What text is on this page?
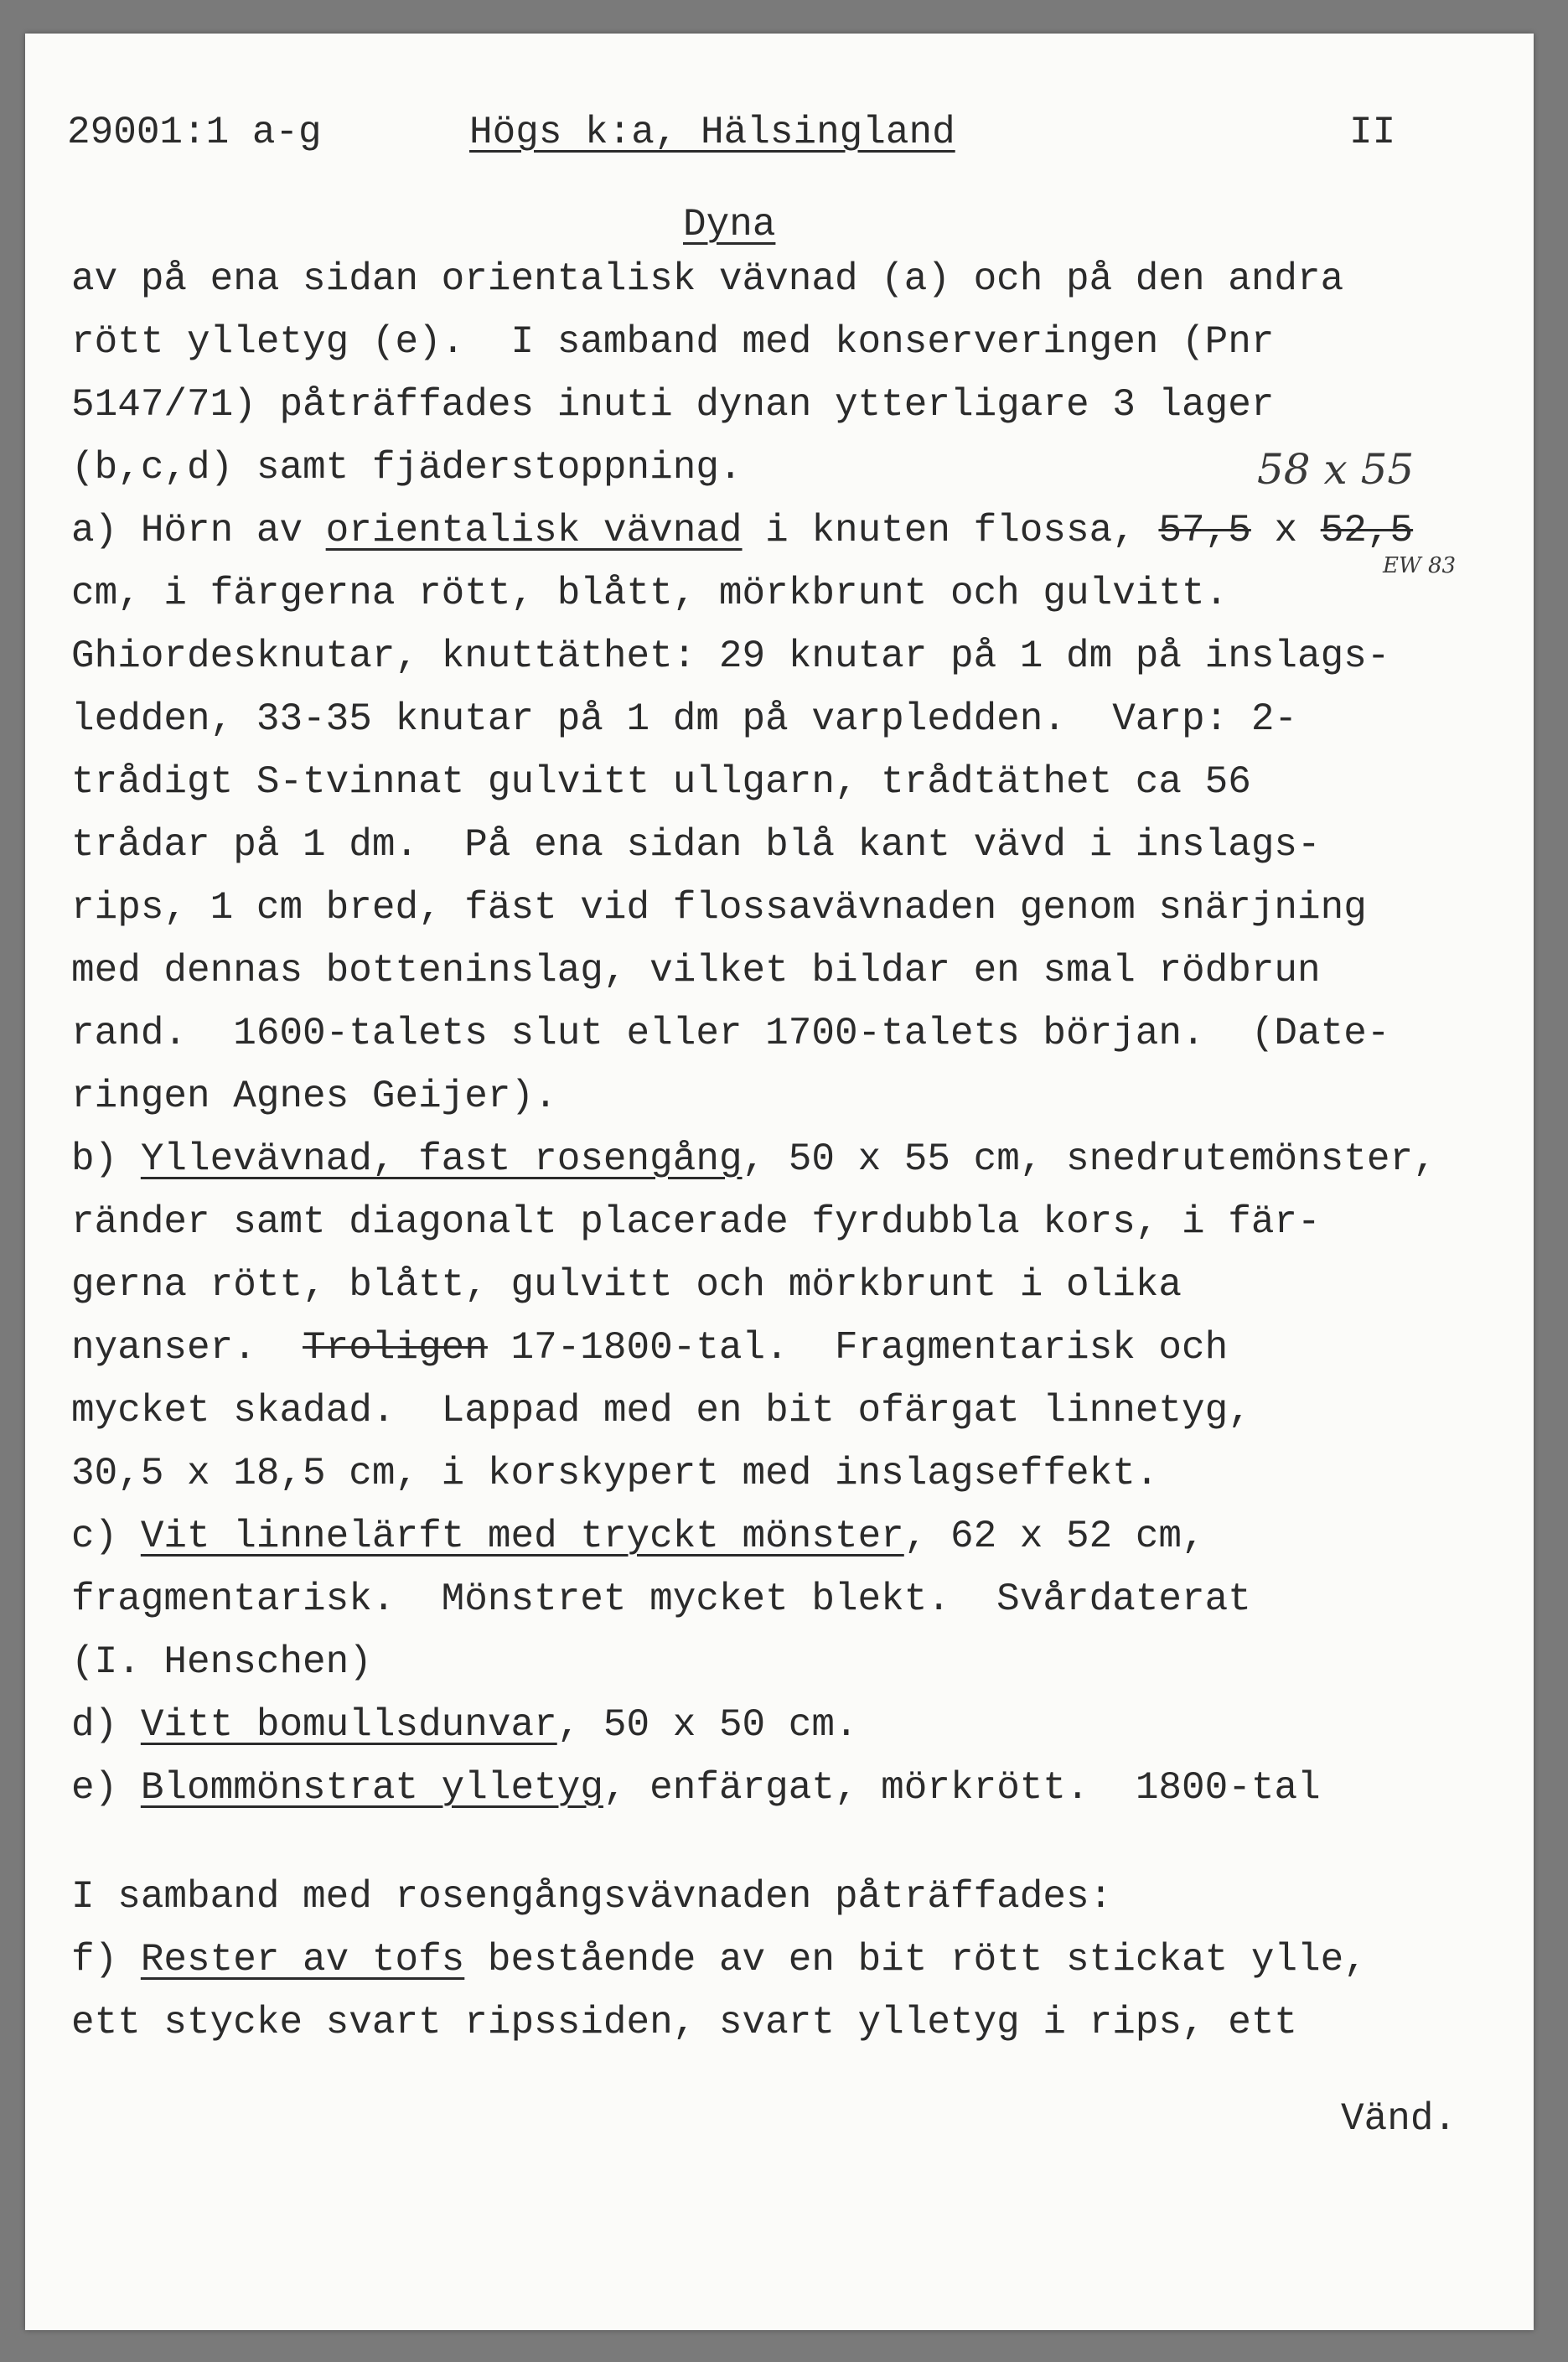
29001:1 a-g	Högs k:a, Hälsingland	II
Dyna
av på ena sidan orientalisk vävnad (a) och på den andra
rött ylletyg (e).  I samband med konserveringen (Pnr
5147/71) påträffades inuti dynan ytterligare 3 lager
(b,c,d) samt fjäderstoppning.	58 x 55
a) Hörn av orientalisk vävnad i knuten flossa, 57,5 x 52,5
EW 83
cm, i färgerna rött, blått, mörkbrunt och gulvitt.
Ghiordesknutar, knuttäthet: 29 knutar på 1 dm på inslags-
ledden, 33-35 knutar på 1 dm på varpledden.  Varp: 2-
trådigt S-tvinnat gulvitt ullgarn, trådtäthet ca 56
trådar på 1 dm.  På ena sidan blå kant vävd i inslags-
rips, 1 cm bred, fäst vid flossavävnaden genom snärjning
med dennas botteninslag, vilket bildar en smal rödbrun
rand.  1600-talets slut eller 1700-talets början.  (Date-
ringen Agnes Geijer).
b) Yllevävnad, fast rosengång, 50 x 55 cm, snedrutemönster,
ränder samt diagonalt placerade fyrdubbla kors, i fär-
gerna rött, blått, gulvitt och mörkbrunt i olika
nyanser.  Troligen 17-1800-tal.  Fragmentarisk och
mycket skadad.  Lappad med en bit ofärgat linnetyg,
30,5 x 18,5 cm, i korskypert med inslagseffekt.
c) Vit linnelärft med tryckt mönster, 62 x 52 cm,
fragmentarisk.  Mönstret mycket blekt.  Svårdaterat
(I. Henschen)
d) Vitt bomullsdunvar, 50 x 50 cm.
e) Blommönstrat ylletyg, enfärgat, mörkrött.  1800-tal
I samband med rosengångsvävnaden påträffades:
f) Rester av tofs bestående av en bit rött stickat ylle,
ett stycke svart ripssiden, svart ylletyg i rips, ett
Vänd.
